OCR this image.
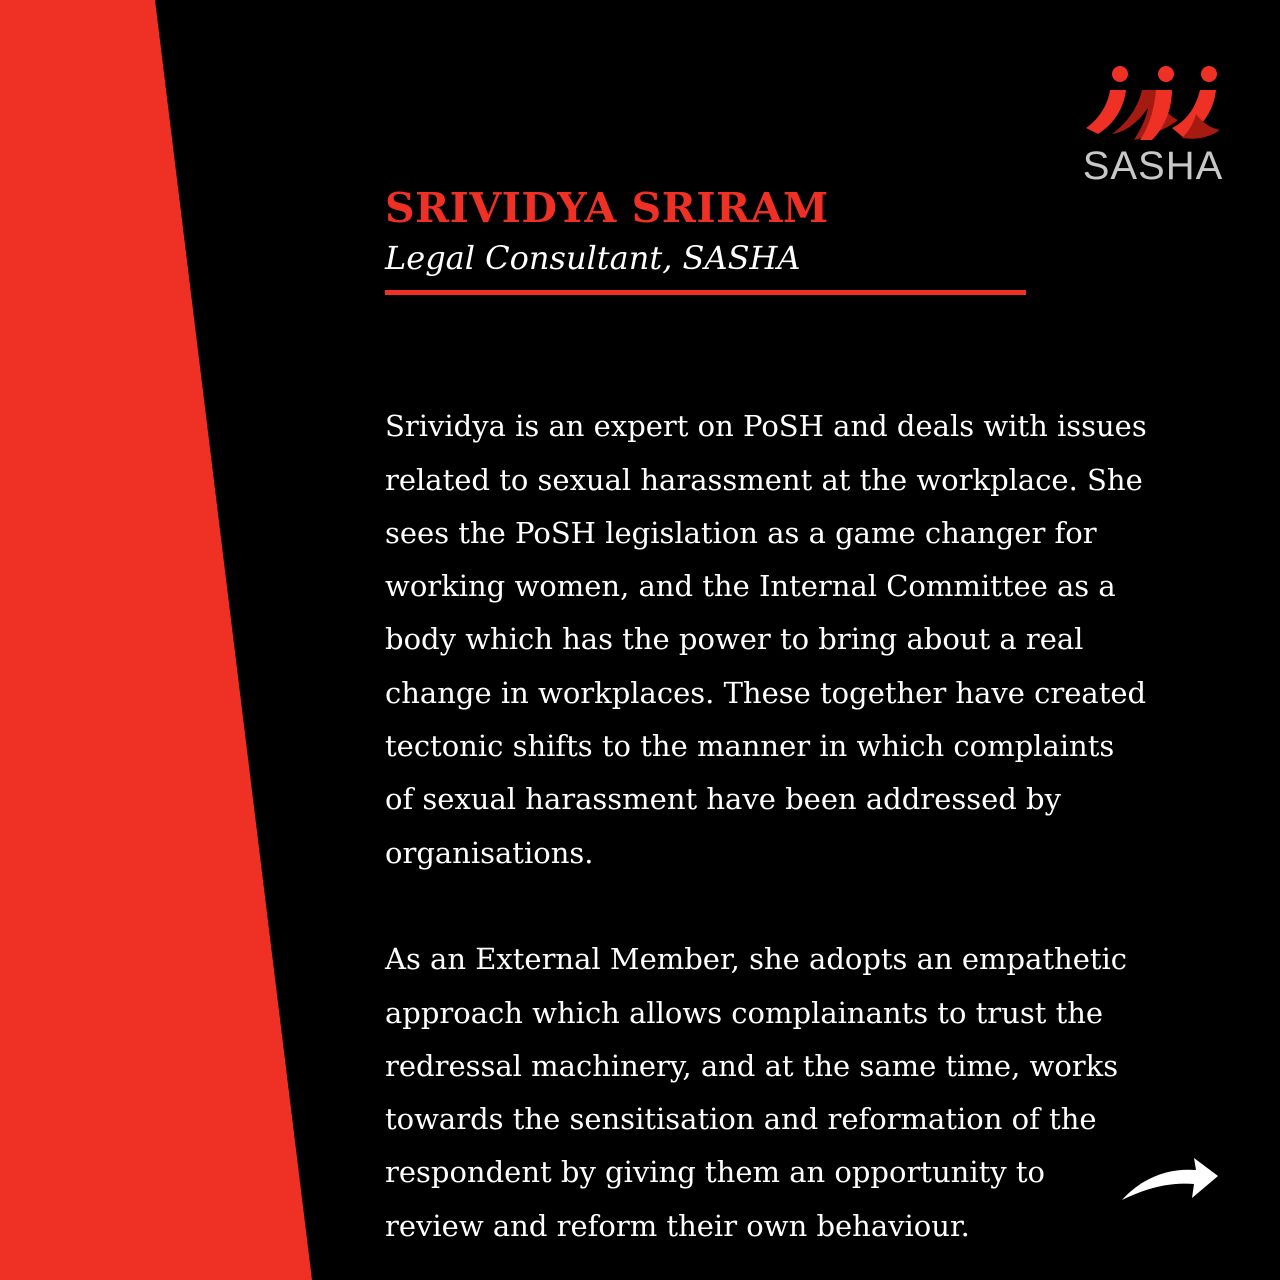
SASHA
SRIVIDYA SRIRAM

Legal Consultant, SASHA

Srividya is an expert on PoSH and deals with issues
related to sexual harassment at the workplace. She
sees the PoSH legislation as a game changer for
working women, and the Internal Committee as a
body which has the power to bring about a real
change in workplaces. These together have created
tectonic shifts to the manner in which complaints
of sexual harassment have been addressed by
organisations.

As an External Member, she adopts an empathetic
approach which allows complainants to trust the
redressal machinery, and at the same time, works
towards the sensitisation and reformation of the
respondent by giving them an opportunity to
review and reform their own behaviour.
